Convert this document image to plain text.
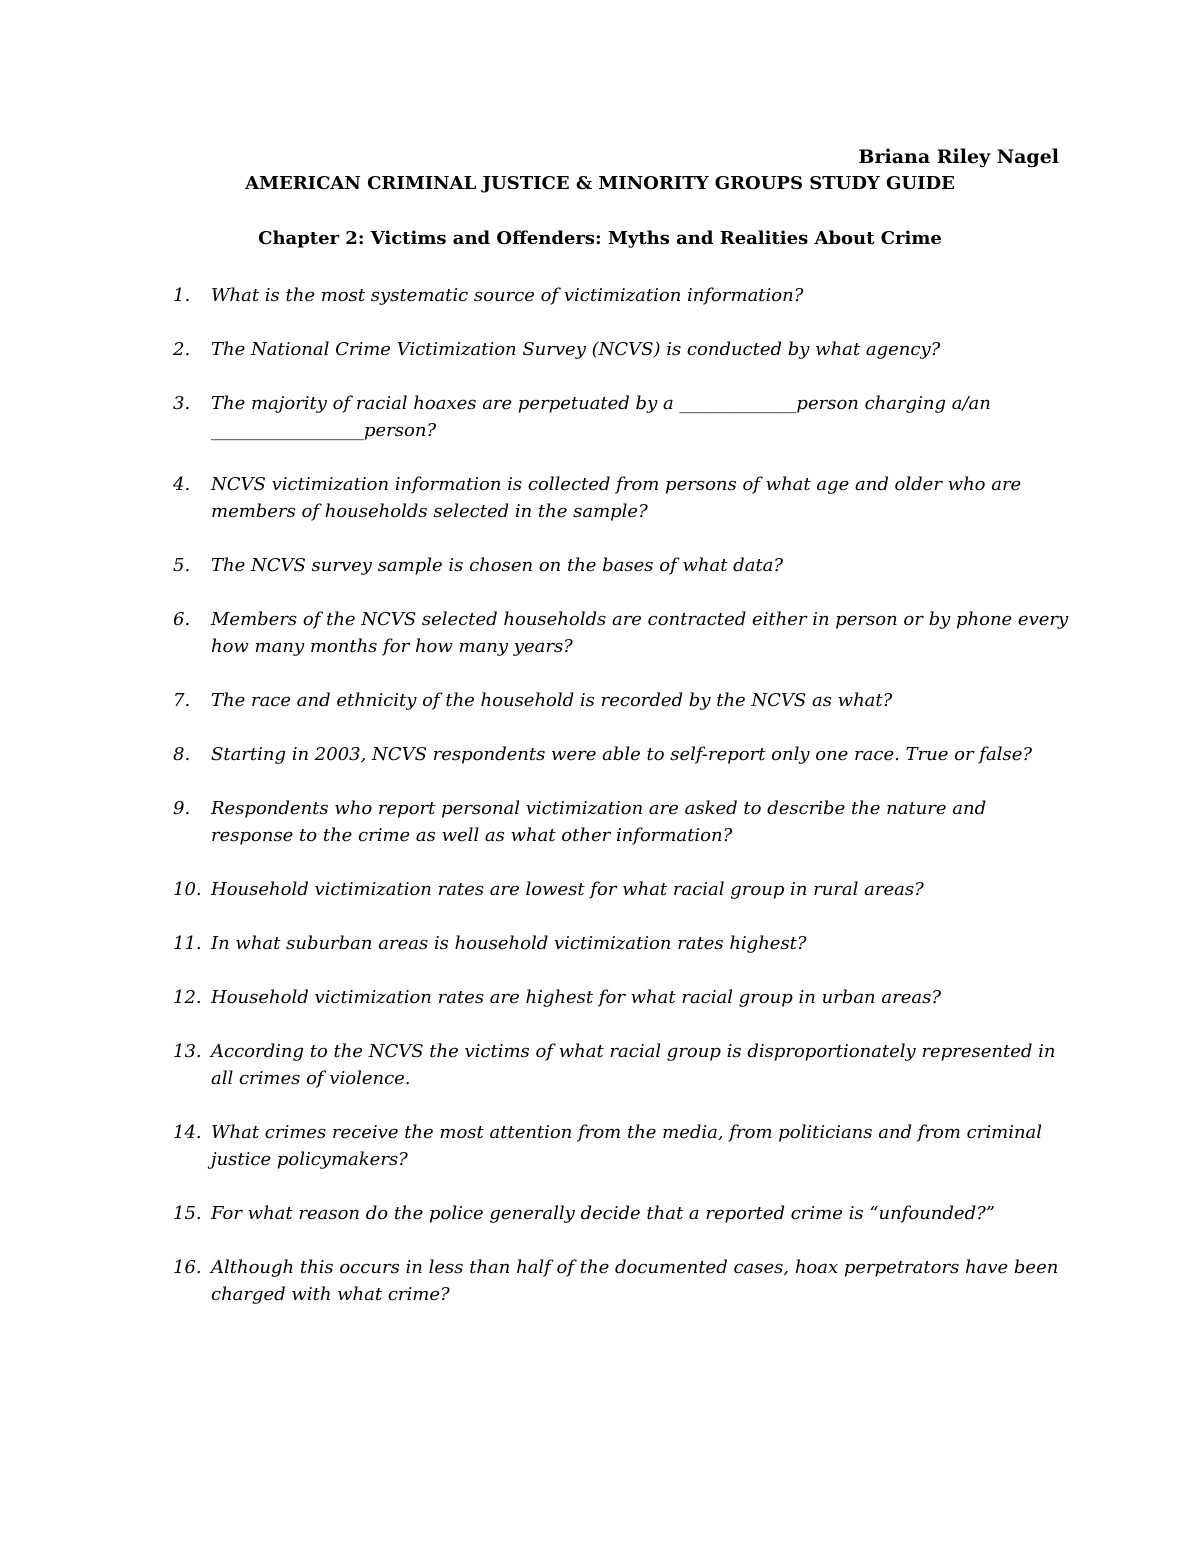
Briana Riley Nagel
AMERICAN CRIMINAL JUSTICE & MINORITY GROUPS STUDY GUIDE
Chapter 2: Victims and Offenders: Myths and Realities About Crime
1. What is the most systematic source of victimization information?
2. The National Crime Victimization Survey (NCVS) is conducted by what agency?
3. The majority of racial hoaxes are perpetuated by a _____________person charging a/an _________________person?
4. NCVS victimization information is collected from persons of what age and older who are members of households selected in the sample?
5. The NCVS survey sample is chosen on the bases of what data?
6. Members of the NCVS selected households are contracted either in person or by phone every how many months for how many years?
7. The race and ethnicity of the household is recorded by the NCVS as what?
8. Starting in 2003, NCVS respondents were able to self-report only one race. True or false?
9. Respondents who report personal victimization are asked to describe the nature and response to the crime as well as what other information?
10. Household victimization rates are lowest for what racial group in rural areas?
11. In what suburban areas is household victimization rates highest?
12. Household victimization rates are highest for what racial group in urban areas?
13. According to the NCVS the victims of what racial group is disproportionately represented in all crimes of violence.
14. What crimes receive the most attention from the media, from politicians and from criminal justice policymakers?
15. For what reason do the police generally decide that a reported crime is “unfounded?”
16. Although this occurs in less than half of the documented cases, hoax perpetrators have been charged with what crime?
